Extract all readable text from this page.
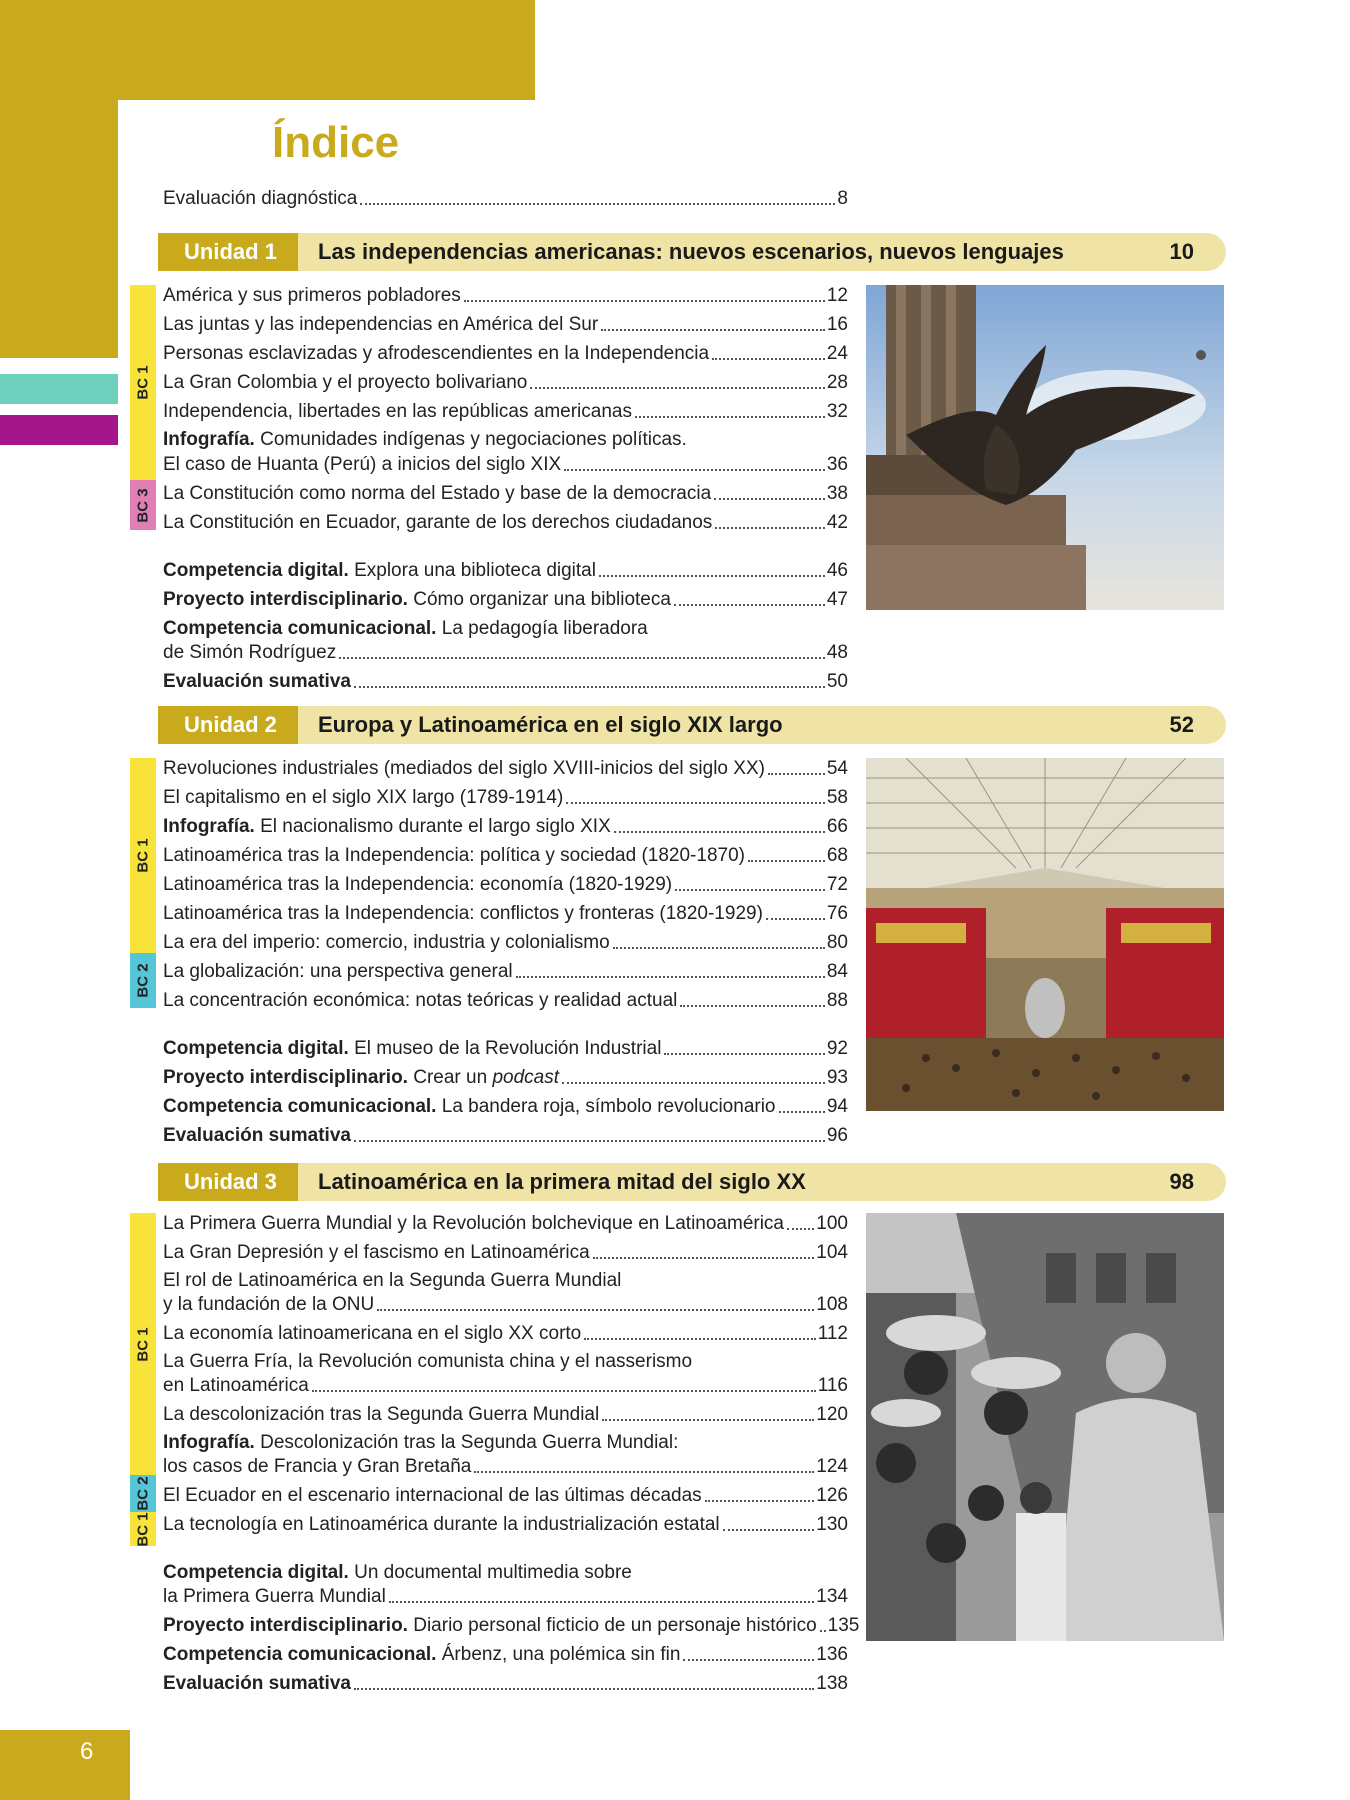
6
Índice
Evaluación diagnóstica	8
Unidad 1	Las independencias americanas: nuevos escenarios, nuevos lenguajes	10
BC 1
BC 3
América y sus primeros pobladores	12
Las juntas y las independencias en América del Sur	16
Personas esclavizadas y afrodescendientes en la Independencia	24
La Gran Colombia y el proyecto bolivariano	28
Independencia, libertades en las repúblicas americanas	32
Infografía. Comunidades indígenas y negociaciones políticas.
El caso de Huanta (Perú) a inicios del siglo XIX	36
La Constitución como norma del Estado y base de la democracia	38
La Constitución en Ecuador, garante de los derechos ciudadanos	42
Competencia digital. Explora una biblioteca digital	46
Proyecto interdisciplinario. Cómo organizar una biblioteca	47
Competencia comunicacional. La pedagogía liberadora
de Simón Rodríguez	48
Evaluación sumativa	50
Unidad 2	Europa y Latinoamérica en el siglo XIX largo	52
BC 1
BC 2
Revoluciones industriales (mediados del siglo XVIII-inicios del siglo XX)	54
El capitalismo en el siglo XIX largo (1789-1914)	58
Infografía. El nacionalismo durante el largo siglo XIX	66
Latinoamérica tras la Independencia: política y sociedad (1820-1870)	68
Latinoamérica tras la Independencia: economía (1820-1929)	72
Latinoamérica tras la Independencia: conflictos y fronteras (1820-1929)	76
La era del imperio: comercio, industria y colonialismo	80
La globalización: una perspectiva general	84
La concentración económica: notas teóricas y realidad actual	88
Competencia digital. El museo de la Revolución Industrial	92
Proyecto interdisciplinario. Crear un podcast	93
Competencia comunicacional. La bandera roja, símbolo revolucionario	94
Evaluación sumativa	96
Unidad 3	Latinoamérica en la primera mitad del siglo XX	98
BC 1
BC 2
BC 1
La Primera Guerra Mundial y la Revolución bolchevique en Latinoamérica 100
La Gran Depresión y el fascismo en Latinoamérica	104
El rol de Latinoamérica en la Segunda Guerra Mundial
y la fundación de la ONU	108
La economía latinoamericana en el siglo XX corto	112
La Guerra Fría, la Revolución comunista china y el nasserismo
en Latinoamérica	116
La descolonización tras la Segunda Guerra Mundial	120
Infografía. Descolonización tras la Segunda Guerra Mundial:
los casos de Francia y Gran Bretaña	124
El Ecuador en el escenario internacional de las últimas décadas	126
La tecnología en Latinoamérica durante la industrialización estatal	130
Competencia digital. Un documental multimedia sobre
la Primera Guerra Mundial	134
Proyecto interdisciplinario. Diario personal ficticio de un personaje histórico 135
Competencia comunicacional. Árbenz, una polémica sin fin	136
Evaluación sumativa	138
